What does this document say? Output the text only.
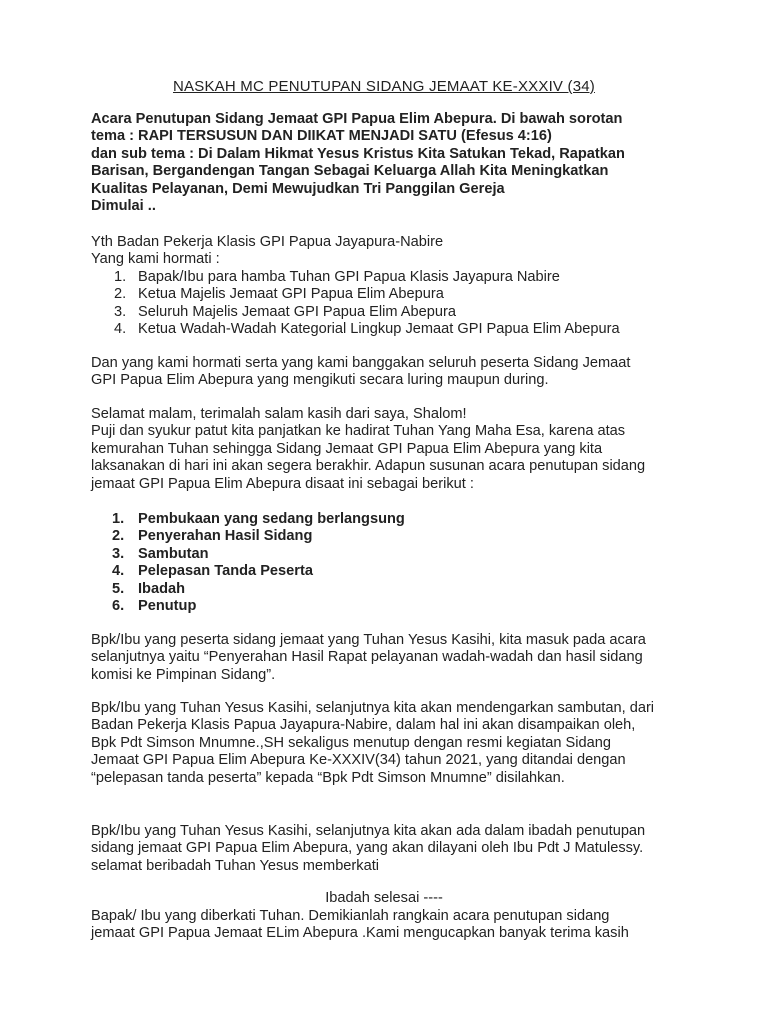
NASKAH MC PENUTUPAN SIDANG JEMAAT KE-XXXIV (34)
Acara Penutupan Sidang Jemaat GPI Papua Elim Abepura. Di bawah sorotan
tema : RAPI TERSUSUN DAN DIIKAT MENJADI SATU (Efesus 4:16)
dan sub tema : Di Dalam Hikmat Yesus Kristus Kita Satukan Tekad, Rapatkan
Barisan, Bergandengan Tangan Sebagai Keluarga Allah Kita Meningkatkan
Kualitas Pelayanan, Demi Mewujudkan Tri Panggilan Gereja
Dimulai ..
Yth Badan Pekerja Klasis GPI Papua Jayapura-Nabire
Yang kami hormati :
1. Bapak/Ibu para hamba Tuhan GPI Papua Klasis Jayapura Nabire
2. Ketua Majelis Jemaat GPI Papua Elim Abepura
3. Seluruh Majelis Jemaat GPI Papua Elim Abepura
4. Ketua Wadah-Wadah Kategorial Lingkup Jemaat GPI Papua Elim Abepura
Dan yang kami hormati serta yang kami banggakan seluruh peserta Sidang Jemaat
GPI Papua Elim Abepura yang mengikuti secara luring maupun during.
Selamat malam, terimalah salam kasih dari saya, Shalom!
Puji dan syukur patut kita panjatkan ke hadirat Tuhan Yang Maha Esa, karena atas
kemurahan Tuhan sehingga Sidang Jemaat GPI Papua Elim Abepura yang kita
laksanakan di hari ini akan segera berakhir. Adapun susunan acara penutupan sidang
jemaat GPI Papua Elim Abepura disaat ini sebagai berikut :
1. Pembukaan yang sedang berlangsung
2. Penyerahan Hasil Sidang
3. Sambutan
4. Pelepasan Tanda Peserta
5. Ibadah
6. Penutup
Bpk/Ibu yang peserta sidang jemaat yang Tuhan Yesus Kasihi, kita masuk pada acara
selanjutnya yaitu “Penyerahan Hasil Rapat pelayanan wadah-wadah dan hasil sidang
komisi ke Pimpinan Sidang”.
Bpk/Ibu yang Tuhan Yesus Kasihi, selanjutnya kita akan mendengarkan sambutan, dari
Badan Pekerja Klasis Papua Jayapura-Nabire, dalam hal ini akan disampaikan oleh,
Bpk Pdt Simson Mnumne.,SH sekaligus menutup dengan resmi kegiatan Sidang
Jemaat GPI Papua Elim Abepura Ke-XXXIV(34) tahun 2021, yang ditandai dengan
“pelepasan tanda peserta” kepada “Bpk Pdt Simson Mnumne” disilahkan.
Bpk/Ibu yang Tuhan Yesus Kasihi, selanjutnya kita akan ada dalam ibadah penutupan
sidang jemaat GPI Papua Elim Abepura, yang akan dilayani oleh Ibu Pdt J Matulessy.
selamat beribadah Tuhan Yesus memberkati
Ibadah selesai ----
Bapak/ Ibu yang diberkati Tuhan. Demikianlah rangkain acara penutupan sidang
jemaat GPI Papua Jemaat ELim Abepura .Kami mengucapkan banyak terima kasih
